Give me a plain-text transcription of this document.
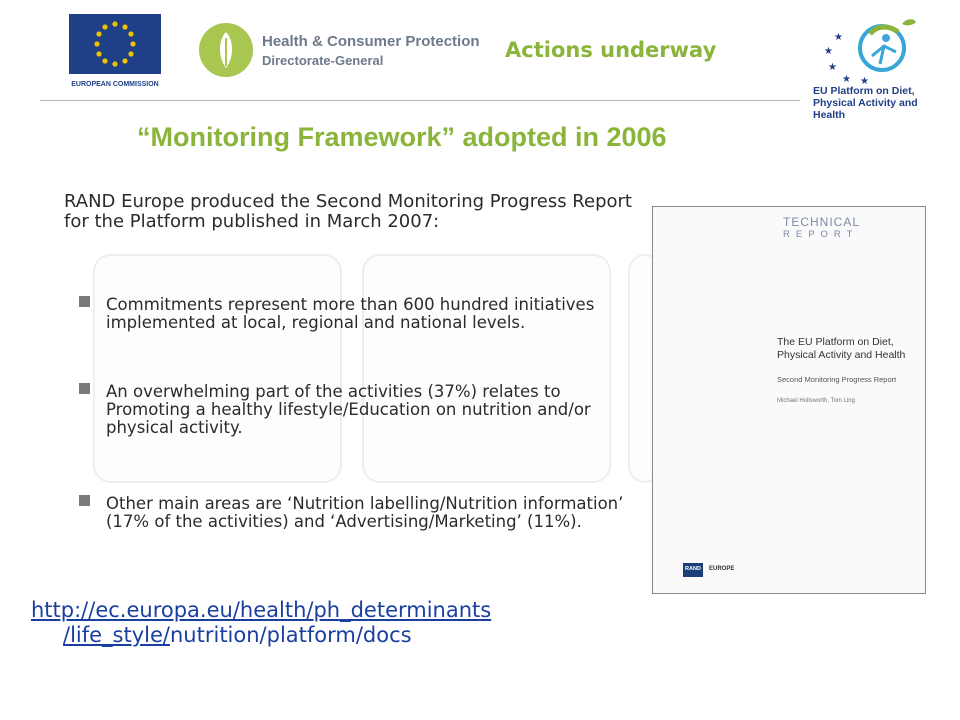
EUROPEAN COMMISSION
Health & Consumer Protection
Directorate-General	Actions underway
★
★
★
★ ★
EU Platform on Diet,
Physical Activity and Health
“Monitoring Framework” adopted in 2006
RAND Europe produced the Second Monitoring Progress Report for the Platform published in March 2007:
Commitments represent more than 600 hundred initiatives implemented at local, regional and national levels.
An overwhelming part of the activities (37%) relates to Promoting a healthy lifestyle/Education on nutrition and/or physical activity.
Other main areas are ‘Nutrition labelling/Nutrition information’ (17% of the activities) and ‘Advertising/Marketing’ (11%).
http://ec.europa.eu/health/ph_determinants
/life_style/nutrition/platform/docs
TECHNICAL
REPORT
The EU Platform on Diet,
Physical Activity and Health
Second Monitoring Progress Report
Michael Hollsworth, Tom Ling
RAND	EUROPE
